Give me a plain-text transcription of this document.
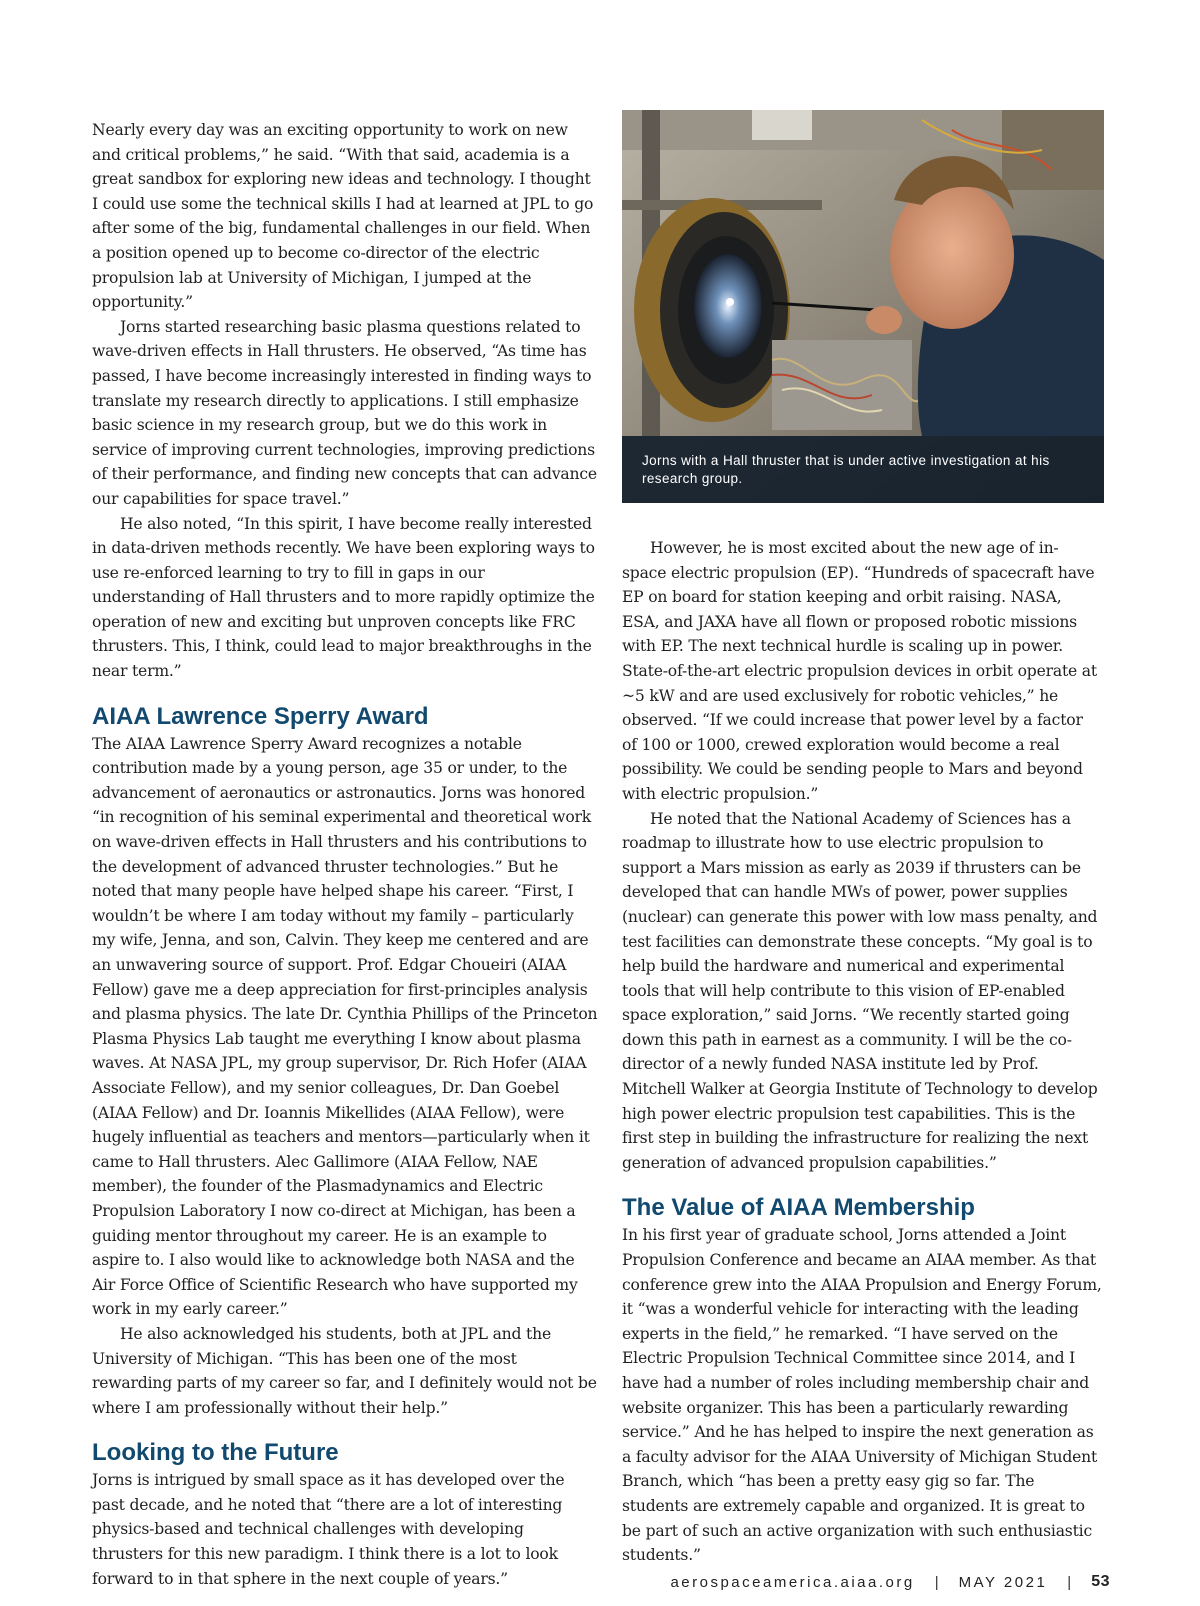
Nearly every day was an exciting opportunity to work on new and critical problems,” he said. “With that said, academia is a great sandbox for exploring new ideas and technology. I thought I could use some the technical skills I had at learned at JPL to go after some of the big, fundamental challenges in our field. When a position opened up to become co-director of the electric propulsion lab at University of Michigan, I jumped at the opportunity.”

Jorns started researching basic plasma questions related to wave-driven effects in Hall thrusters. He observed, “As time has passed, I have become increasingly interested in finding ways to translate my research directly to applications. I still emphasize basic science in my research group, but we do this work in service of improving current technologies, improving predictions of their performance, and finding new concepts that can advance our capabilities for space travel.”

He also noted, “In this spirit, I have become really interested in data-driven methods recently. We have been exploring ways to use re-enforced learning to try to fill in gaps in our understanding of Hall thrusters and to more rapidly optimize the operation of new and exciting but unproven concepts like FRC thrusters. This, I think, could lead to major breakthroughs in the near term.”

AIAA Lawrence Sperry Award

The AIAA Lawrence Sperry Award recognizes a notable contribution made by a young person, age 35 or under, to the advancement of aeronautics or astronautics. Jorns was honored “in recognition of his seminal experimental and theoretical work on wave-driven effects in Hall thrusters and his contributions to the development of advanced thruster technologies.” But he noted that many people have helped shape his career. “First, I wouldn’t be where I am today without my family – particularly my wife, Jenna, and son, Calvin. They keep me centered and are an unwavering source of support. Prof. Edgar Choueiri (AIAA Fellow) gave me a deep appreciation for first-principles analysis and plasma physics. The late Dr. Cynthia Phillips of the Princeton Plasma Physics Lab taught me everything I know about plasma waves. At NASA JPL, my group supervisor, Dr. Rich Hofer (AIAA Associate Fellow), and my senior colleagues, Dr. Dan Goebel (AIAA Fellow) and Dr. Ioannis Mikellides (AIAA Fellow), were hugely influential as teachers and mentors—particularly when it came to Hall thrusters. Alec Gallimore (AIAA Fellow, NAE member), the founder of the Plasmadynamics and Electric Propulsion Laboratory I now co-direct at Michigan, has been a guiding mentor throughout my career. He is an example to aspire to. I also would like to acknowledge both NASA and the Air Force Office of Scientific Research who have supported my work in my early career.”

He also acknowledged his students, both at JPL and the University of Michigan. “This has been one of the most rewarding parts of my career so far, and I definitely would not be where I am professionally without their help.”

Looking to the Future

Jorns is intrigued by small space as it has developed over the past decade, and he noted that “there are a lot of interesting physics-based and technical challenges with developing thrusters for this new paradigm. I think there is a lot to look forward to in that sphere in the next couple of years.”

Jorns with a Hall thruster that is under active investigation at his research group.

However, he is most excited about the new age of in-space electric propulsion (EP). “Hundreds of spacecraft have EP on board for station keeping and orbit raising. NASA, ESA, and JAXA have all flown or proposed robotic missions with EP. The next technical hurdle is scaling up in power. State-of-the-art electric propulsion devices in orbit operate at ~5 kW and are used exclusively for robotic vehicles,” he observed. “If we could increase that power level by a factor of 100 or 1000, crewed exploration would become a real possibility. We could be sending people to Mars and beyond with electric propulsion.”

He noted that the National Academy of Sciences has a roadmap to illustrate how to use electric propulsion to support a Mars mission as early as 2039 if thrusters can be developed that can handle MWs of power, power supplies (nuclear) can generate this power with low mass penalty, and test facilities can demonstrate these concepts. “My goal is to help build the hardware and numerical and experimental tools that will help contribute to this vision of EP-enabled space exploration,” said Jorns. “We recently started going down this path in earnest as a community. I will be the co-director of a newly funded NASA institute led by Prof. Mitchell Walker at Georgia Institute of Technology to develop high power electric propulsion test capabilities. This is the first step in building the infrastructure for realizing the next generation of advanced propulsion capabilities.”

The Value of AIAA Membership

In his first year of graduate school, Jorns attended a Joint Propulsion Conference and became an AIAA member. As that conference grew into the AIAA Propulsion and Energy Forum, it “was a wonderful vehicle for interacting with the leading experts in the field,” he remarked. “I have served on the Electric Propulsion Technical Committee since 2014, and I have had a number of roles including membership chair and website organizer. This has been a particularly rewarding service.” And he has helped to inspire the next generation as a faculty advisor for the AIAA University of Michigan Student Branch, which “has been a pretty easy gig so far. The students are extremely capable and organized. It is great to be part of such an active organization with such enthusiastic students.”

aerospaceamerica.aiaa.org | MAY 2021 | 53
